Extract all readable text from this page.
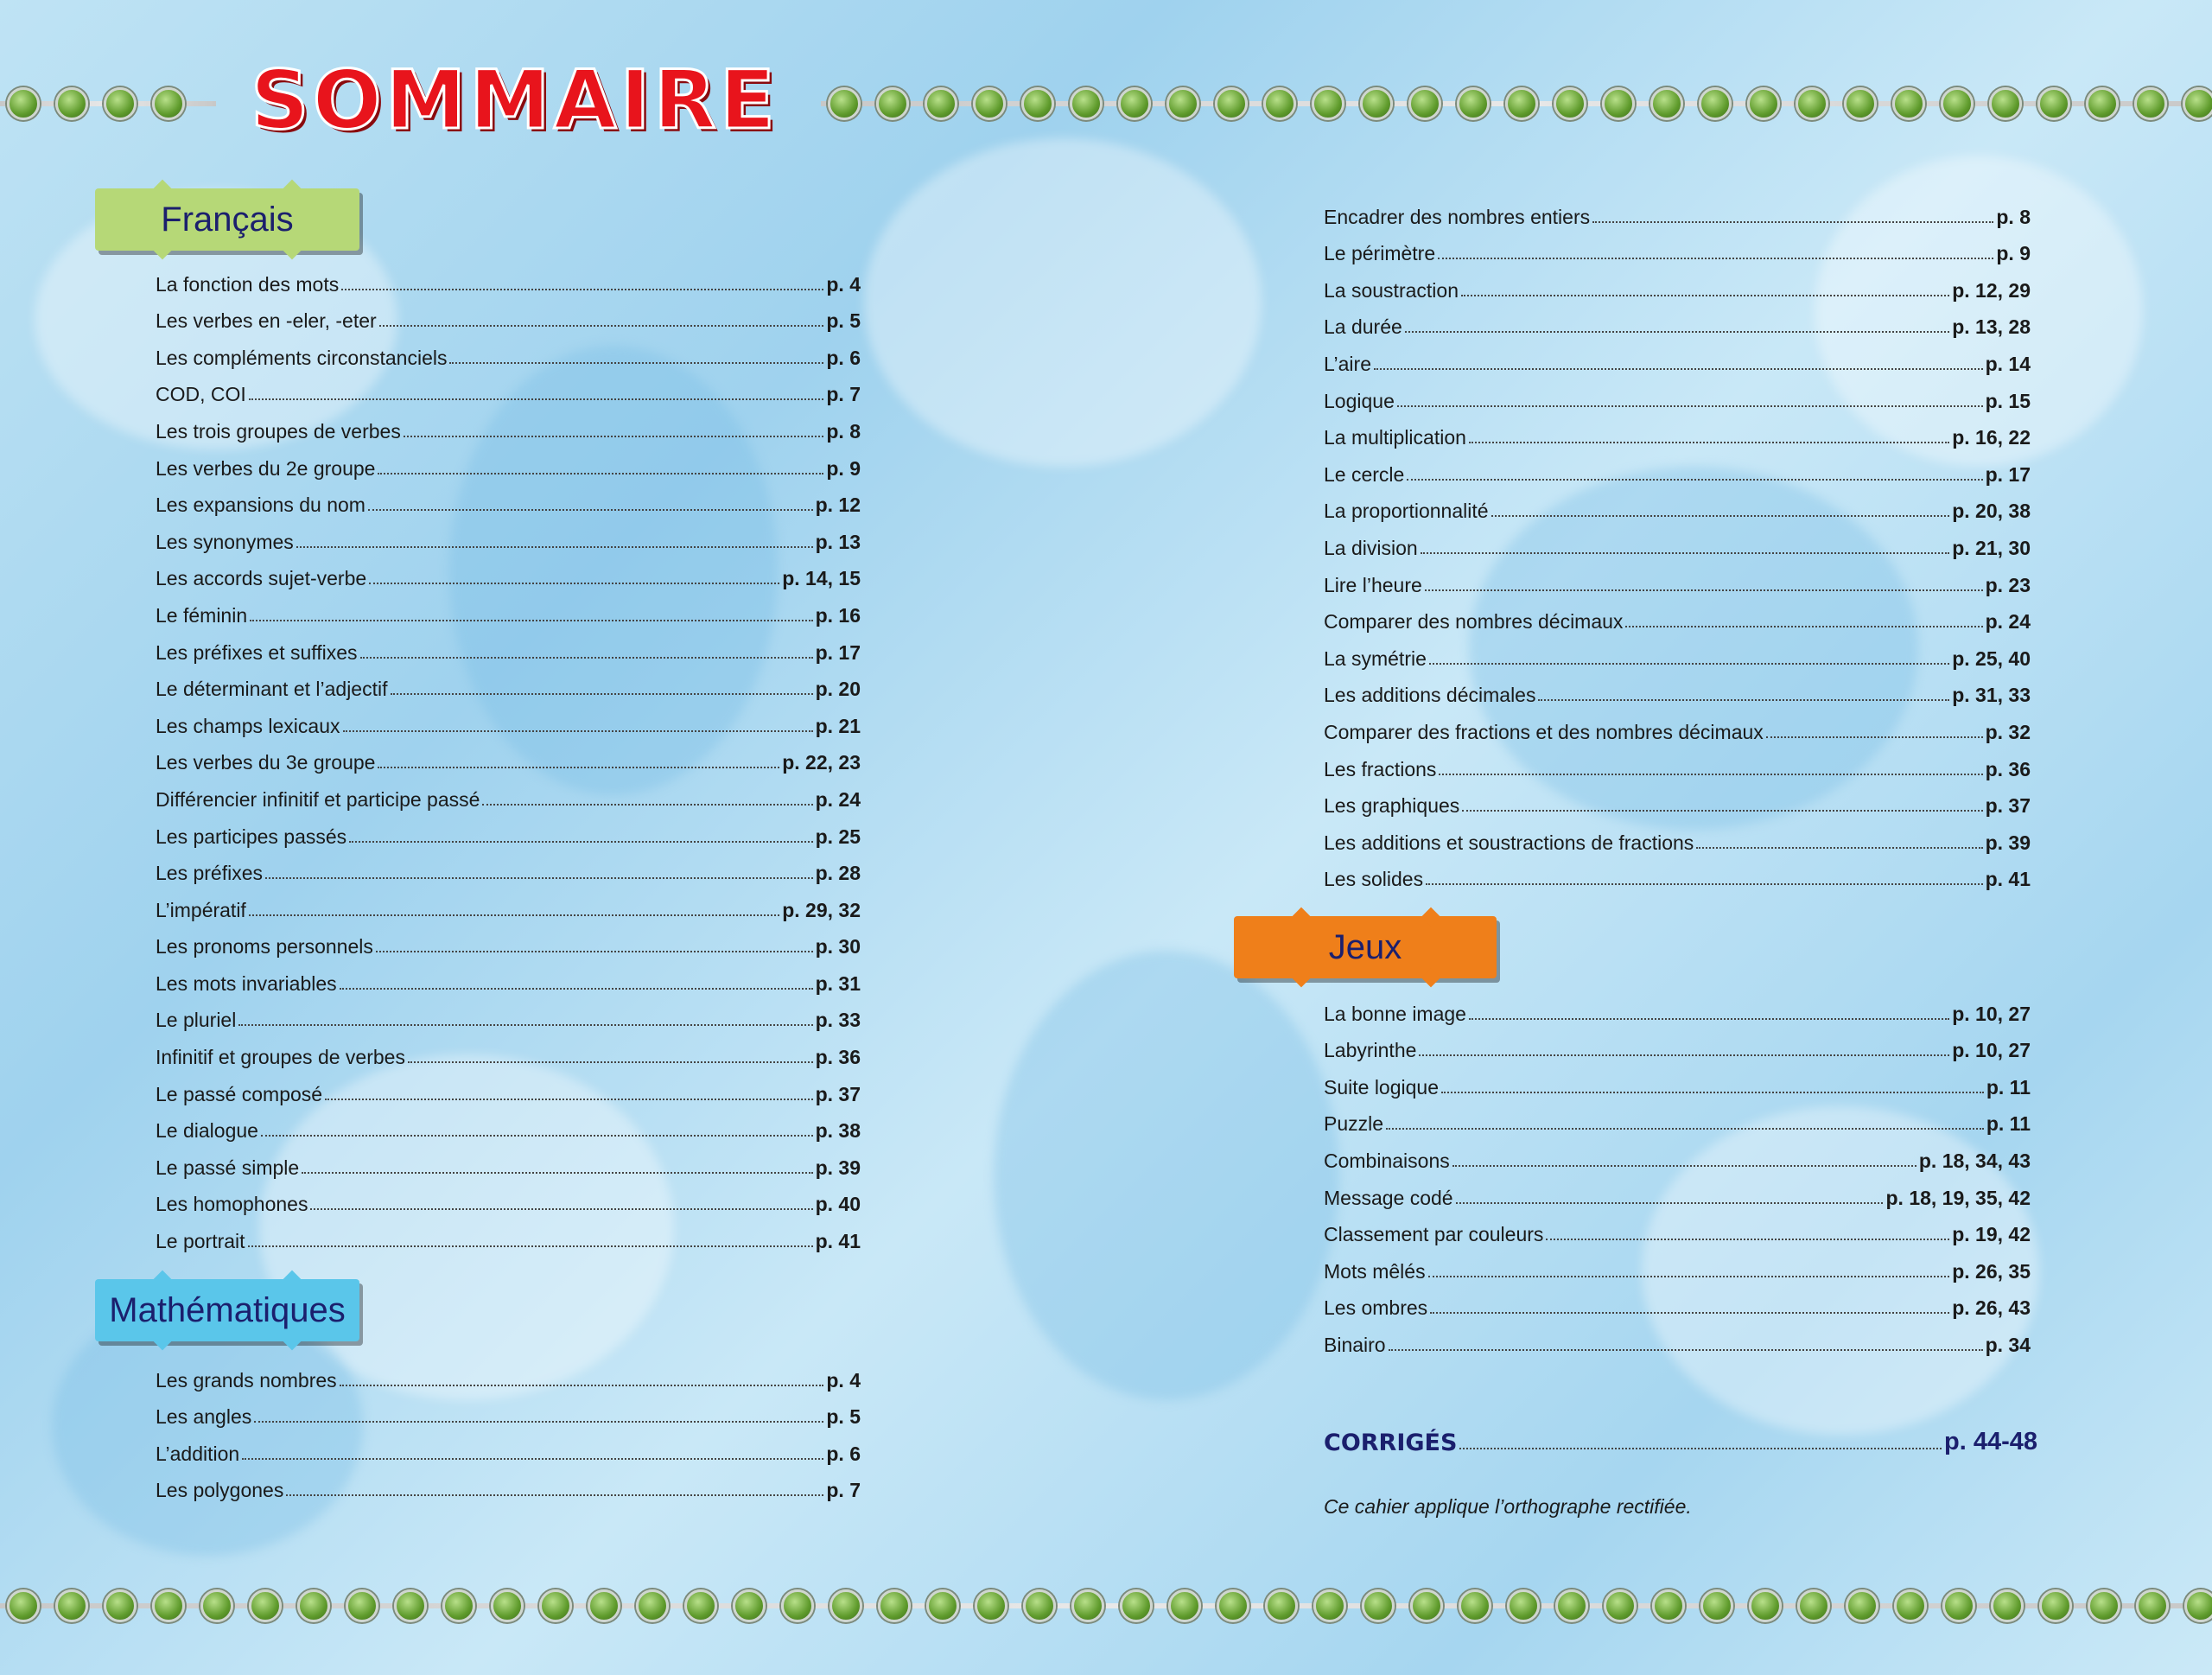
SOMMAIRE
Français
La fonction des mots	p. 4
Les verbes en -eler, -eter	p. 5
Les compléments circonstanciels	p. 6
COD, COI	p. 7
Les trois groupes de verbes	p. 8
Les verbes du 2e groupe	p. 9
Les expansions du nom	p. 12
Les synonymes	p. 13
Les accords sujet-verbe	p. 14, 15
Le féminin	p. 16
Les préfixes et suffixes	p. 17
Le déterminant et l’adjectif	p. 20
Les champs lexicaux	p. 21
Les verbes du 3e groupe	p. 22, 23
Différencier infinitif et participe passé	p. 24
Les participes passés	p. 25
Les préfixes	p. 28
L’impératif	p. 29, 32
Les pronoms personnels	p. 30
Les mots invariables	p. 31
Le pluriel	p. 33
Infinitif et groupes de verbes	p. 36
Le passé composé	p. 37
Le dialogue	p. 38
Le passé simple	p. 39
Les homophones	p. 40
Le portrait	p. 41
Mathématiques
Les grands nombres	p. 4
Les angles	p. 5
L’addition	p. 6
Les polygones	p. 7
Encadrer des nombres entiers	p. 8
Le périmètre	p. 9
La soustraction	p. 12, 29
La durée	p. 13, 28
L’aire	p. 14
Logique	p. 15
La multiplication	p. 16, 22
Le cercle	p. 17
La proportionnalité	p. 20, 38
La division	p. 21, 30
Lire l’heure	p. 23
Comparer des nombres décimaux	p. 24
La symétrie	p. 25, 40
Les additions décimales	p. 31, 33
Comparer des fractions et des nombres décimaux	p. 32
Les fractions	p. 36
Les graphiques	p. 37
Les additions et soustractions de fractions	p. 39
Les solides	p. 41
Jeux
La bonne image	p. 10, 27
Labyrinthe	p. 10, 27
Suite logique	p. 11
Puzzle	p. 11
Combinaisons	p. 18, 34, 43
Message codé	p. 18, 19, 35, 42
Classement par couleurs	p. 19, 42
Mots mêlés	p. 26, 35
Les ombres	p. 26, 43
Binairo	p. 34
CORRIGÉS	p. 44-48
Ce cahier applique l’orthographe rectifiée.
